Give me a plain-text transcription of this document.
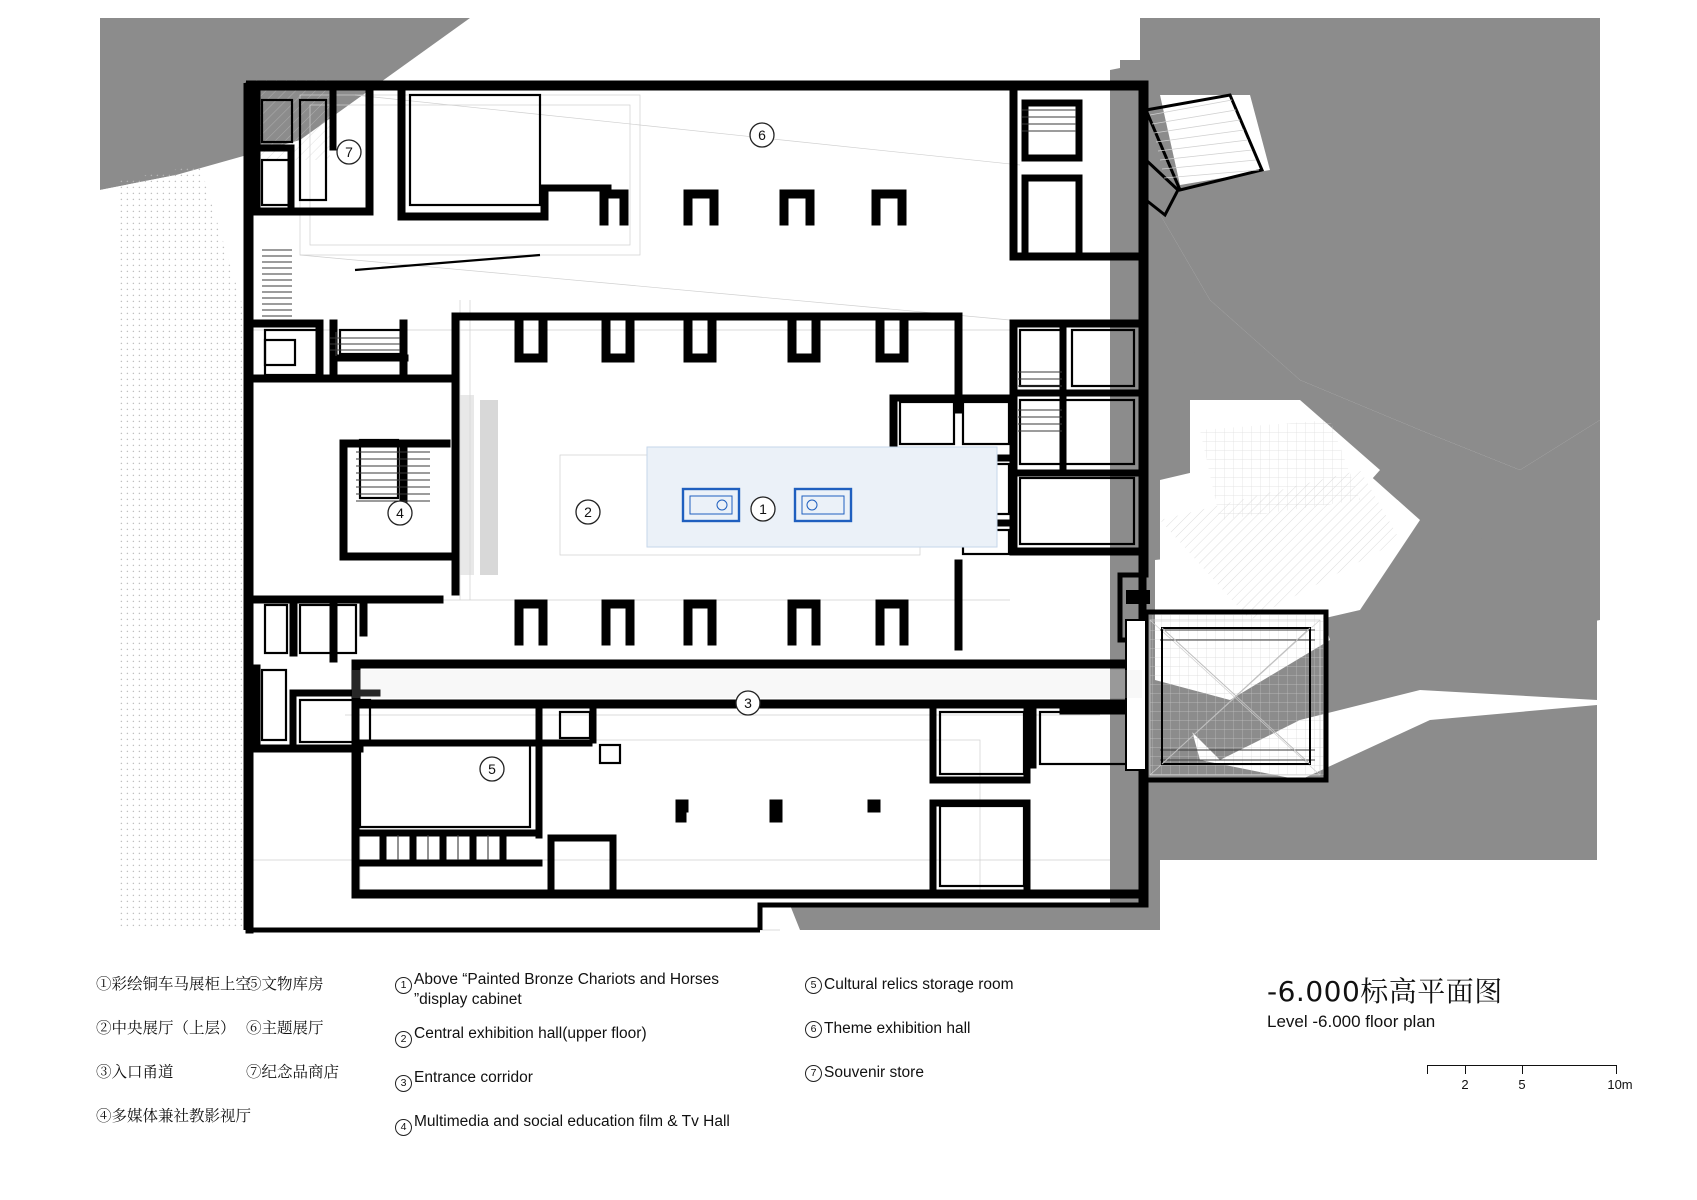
7
6
4	2	1
3
5
①彩绘铜车马展柜上空⑤文物库房
②中央展厅（上层） ⑥主题展厅
③入口甬道	⑦纪念品商店
④多媒体兼社教影视厅
1 Above “Painted Bronze Chariots and Horses ”display cabinet
2 Central exhibition hall(upper floor)
3 Entrance corridor
4 Multimedia and social education film & Tv Hall
5 Cultural relics storage room
6 Theme exhibition hall
7 Souvenir store
-6.000标高平面图
Level -6.000 floor plan
2	5	10m
